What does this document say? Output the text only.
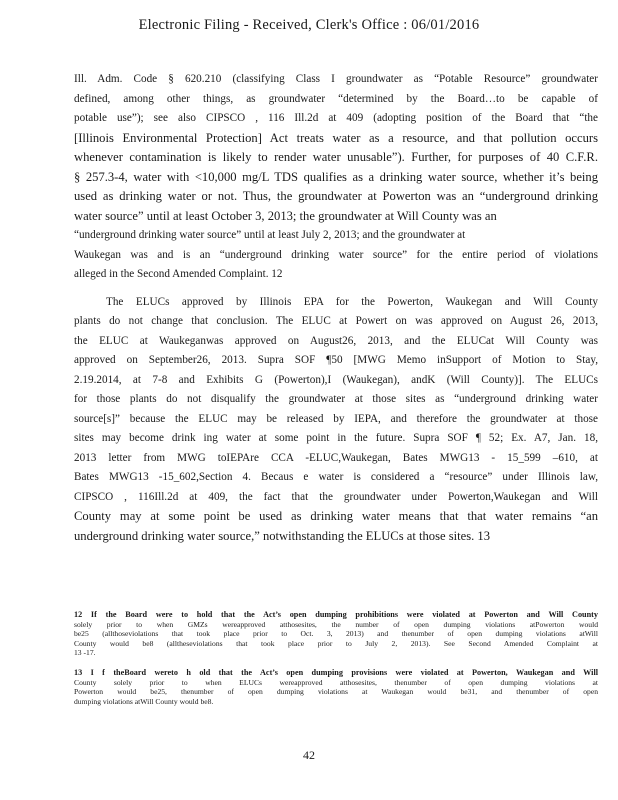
Electronic Filing - Received, Clerk's Office : 06/01/2016
Ill. Adm. Code § 620.210 (classifying Class I groundwater as “Potable Resource” groundwater
defined, among other things, as groundwater “determined by the Board…to be capable of
potable use”); see also CIPSCO , 116 Ill.2d at 409 (adopting position of the Board that “the
[Illinois Environmental Protection] Act treats water as a resource, and that pollution occurs
whenever contamination is likely to render water unusable”). Further, for purposes of 40 C.F.R.
§ 257.3-4, water with <10,000 mg/L TDS qualifies as a drinking water source, whether it’s being
used as drinking water or not. Thus, the groundwater at Powerton was an “underground drinking
water source” until at least October 3, 2013; the groundwater at Will County was an
“underground drinking water source” until at least July 2, 2013; and the groundwater at
Waukegan was and is an “underground drinking water source” for the entire period of violations
alleged in the Second Amended Complaint. 12
The ELUCs approved by Illinois EPA for the Powerton, Waukegan and Will County
plants do not change that conclusion. The ELUC at Powert on was approved on August 26, 2013,
the ELUC at Waukeganwas approved on August26, 2013, and the ELUCat Will County was
approved on September26, 2013. Supra SOF ¶50 [MWG Memo inSupport of Motion to Stay,
2.19.2014, at 7-8 and Exhibits G (Powerton),I (Waukegan), andK (Will County)]. The ELUCs
for those plants do not disqualify the groundwater at those sites as “underground drinking water
source[s]” because the ELUC may be released by IEPA, and therefore the groundwater at those
sites may become drink ing water at some point in the future. Supra SOF ¶ 52; Ex. A7, Jan. 18,
2013 letter from MWG toIEPAre CCA -ELUC,Waukegan, Bates MWG13 - 15_599 –610, at
Bates MWG13 -15_602,Section 4. Becaus e water is considered a “resource” under Illinois law,
CIPSCO , 116Ill.2d at 409, the fact that the groundwater under Powerton,Waukegan and Will
County may at some point be used as drinking water means that that water remains “an
underground drinking water source,” notwithstanding the ELUCs at those sites. 13
12 If the Board were to hold that the Act’s open dumping prohibitions were violated at Powerton and Will County
solely prior to when GMZs wereapproved atthosesites, the number of open dumping violations atPowerton would
be25 (allthoseviolations that took place prior to Oct. 3, 2013) and thenumber of open dumping violations atWill
County would be8 (alltheseviolations that took place prior to July 2, 2013). See Second Amended Complaint at
13 -17.
13 I f theBoard wereto h old that the Act’s open dumping provisions were violated at Powerton, Waukegan and Will
County solely prior to when ELUCs wereapproved atthosesites, thenumber of open dumping violations at
Powerton would be25, thenumber of open dumping violations at Waukegan would be31, and thenumber of open
dumping violations atWill County would be8.
42
